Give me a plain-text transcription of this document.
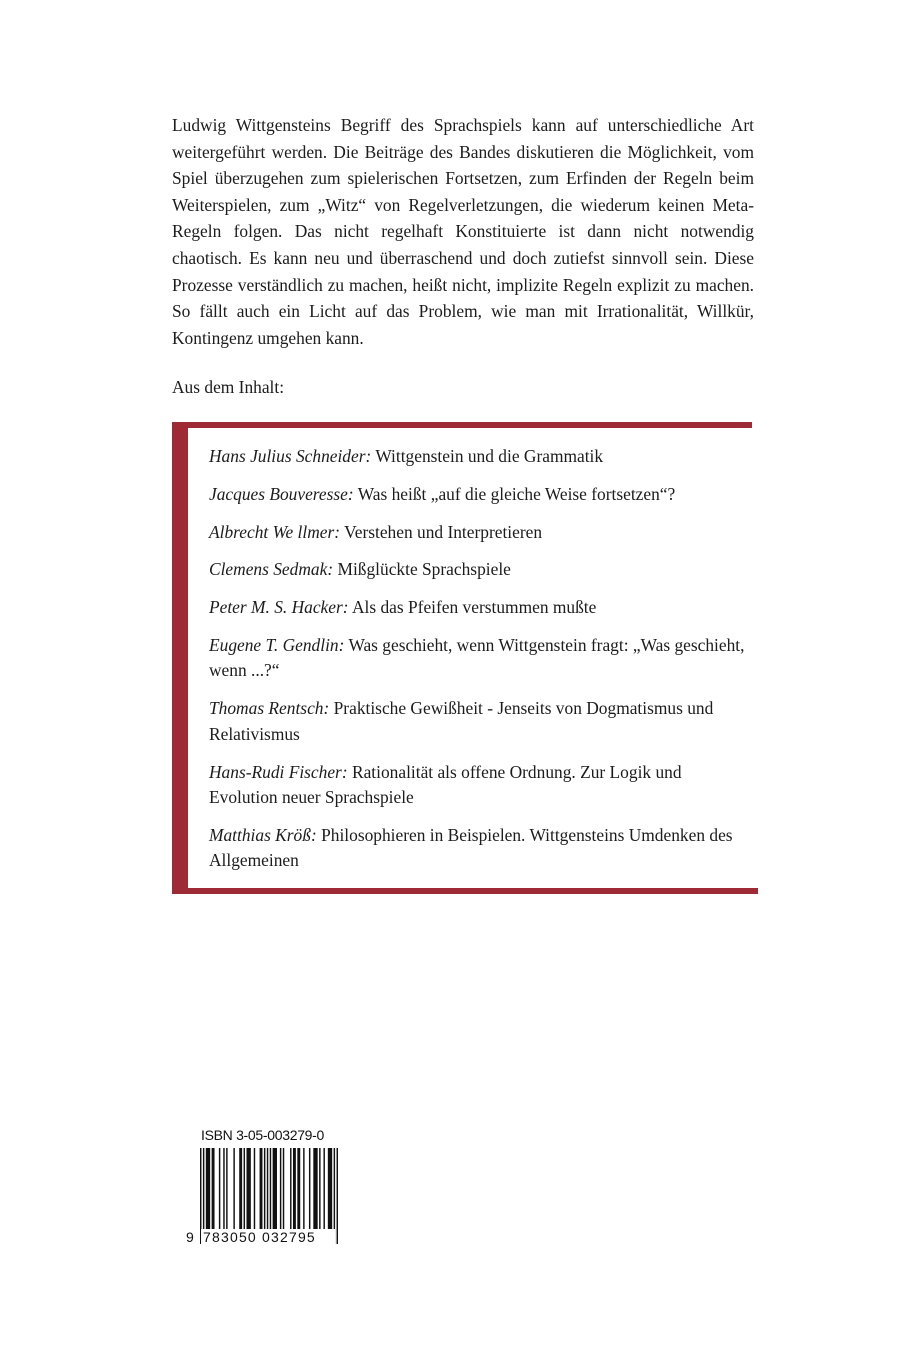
Ludwig Wittgensteins Begriff des Sprachspiels kann auf unterschiedliche Art weitergeführt werden. Die Beiträge des Bandes diskutieren die Möglichkeit, vom Spiel überzugehen zum spielerischen Fortsetzen, zum Erfinden der Regeln beim Weiterspielen, zum „Witz“ von Regelverletzungen, die wiederum keinen Meta-Regeln folgen. Das nicht regelhaft Konstituierte ist dann nicht notwendig chaotisch. Es kann neu und überraschend und doch zutiefst sinnvoll sein. Diese Prozesse verständlich zu machen, heißt nicht, implizite Regeln explizit zu machen. So fällt auch ein Licht auf das Problem, wie man mit Irrationalität, Willkür, Kontingenz umgehen kann.

Aus dem Inhalt:

Hans Julius Schneider: Wittgenstein und die Grammatik
Jacques Bouveresse: Was heißt „auf die gleiche Weise fortsetzen“?
Albrecht We llmer: Verstehen und Interpretieren
Clemens Sedmak: Mißglückte Sprachspiele
Peter M. S. Hacker: Als das Pfeifen verstummen mußte
Eugene T. Gendlin: Was geschieht, wenn Wittgenstein fragt: „Was geschieht, wenn ...?“
Thomas Rentsch: Praktische Gewißheit - Jenseits von Dogmatismus und Relativismus
Hans-Rudi Fischer: Rationalität als offene Ordnung. Zur Logik und Evolution neuer Sprachspiele
Matthias Kröß: Philosophieren in Beispielen. Wittgensteins Umdenken des Allgemeinen

ISBN 3-05-003279-0

9 783050 032795
